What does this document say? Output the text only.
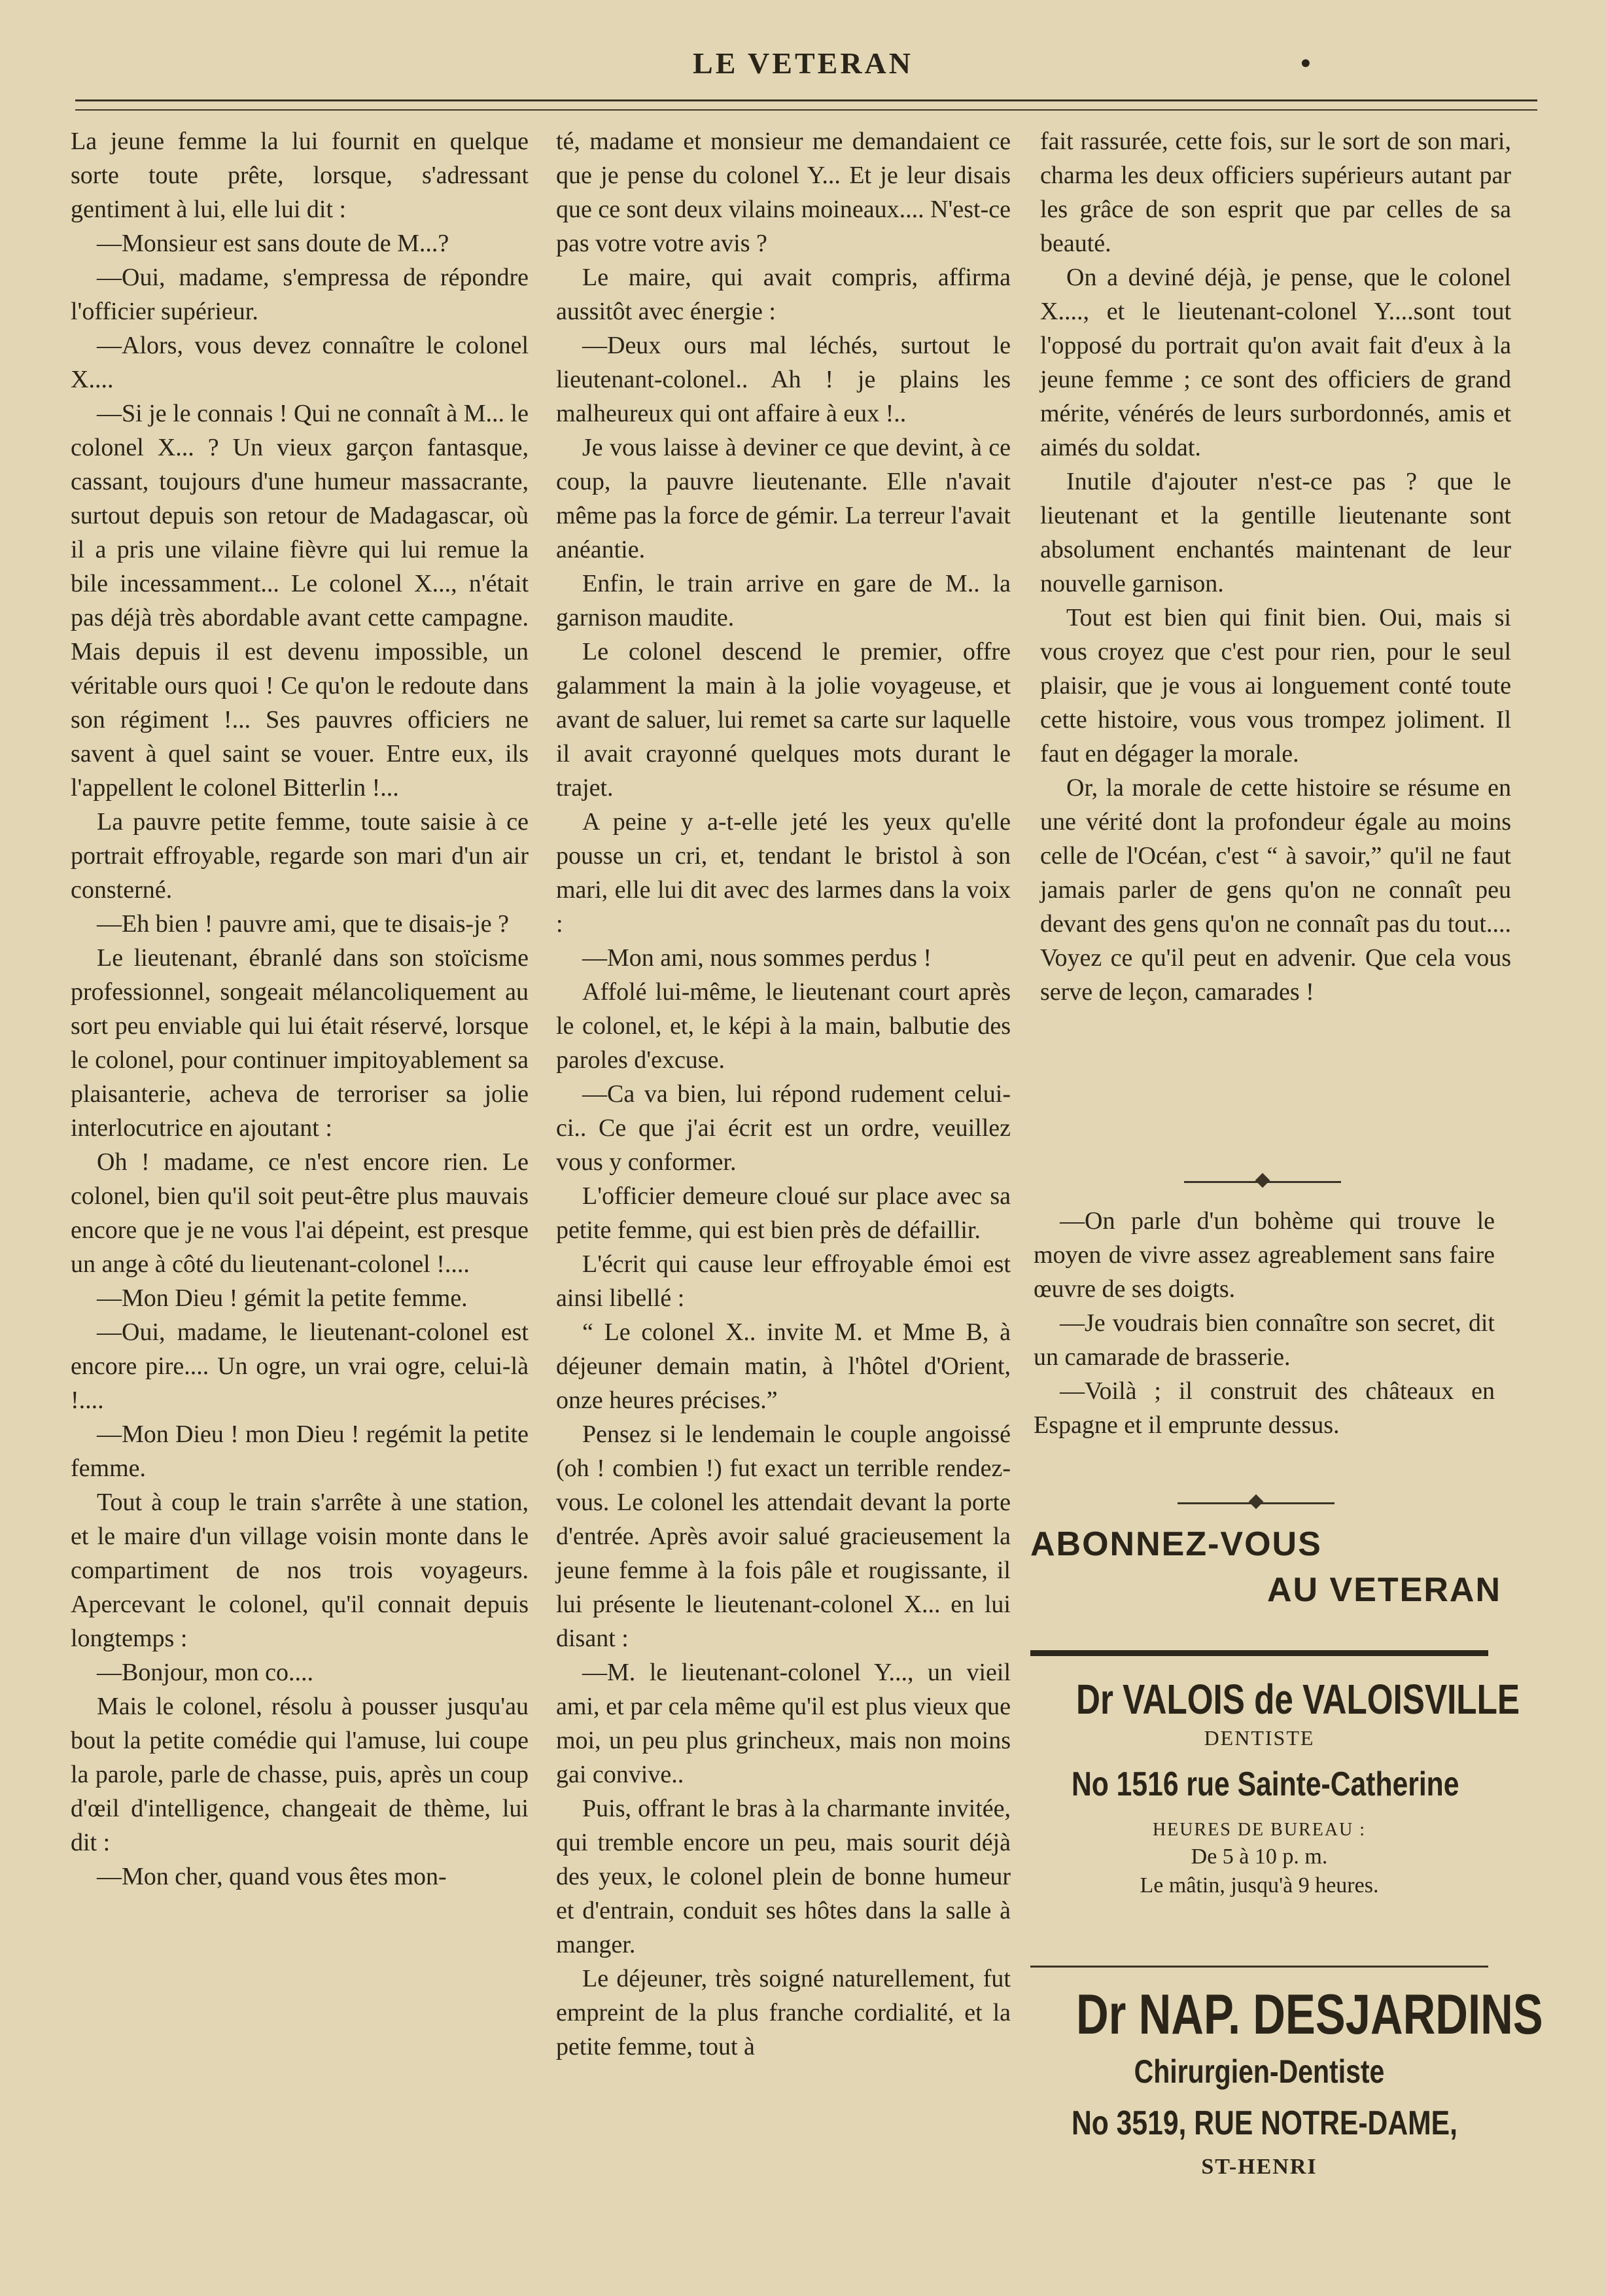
LE VETERAN	•

La jeune femme la lui fournit en quelque sorte toute prête, lorsque, s'adressant gentiment à lui, elle lui dit :

—Monsieur est sans doute de M...?

—Oui, madame, s'empressa de répondre l'officier supérieur.

—Alors, vous devez connaître le colonel X....

—Si je le connais ! Qui ne connaît à M... le colonel X... ? Un vieux garçon fantasque, cassant, toujours d'une humeur massacrante, surtout depuis son retour de Madagascar, où il a pris une vilaine fièvre qui lui remue la bile incessamment... Le colonel X..., n'était pas déjà très abordable avant cette campagne. Mais depuis il est devenu impossible, un véritable ours quoi ! Ce qu'on le redoute dans son régiment !... Ses pauvres officiers ne savent à quel saint se vouer. Entre eux, ils l'appellent le colonel Bitterlin !...

La pauvre petite femme, toute saisie à ce portrait effroyable, regarde son mari d'un air consterné.

—Eh bien ! pauvre ami, que te disais-je ?

Le lieutenant, ébranlé dans son stoïcisme professionnel, songeait mélancoliquement au sort peu enviable qui lui était réservé, lorsque le colonel, pour continuer impitoyablement sa plaisanterie, acheva de terroriser sa jolie interlocutrice en ajoutant :

Oh ! madame, ce n'est encore rien. Le colonel, bien qu'il soit peut-être plus mauvais encore que je ne vous l'ai dépeint, est presque un ange à côté du lieutenant-colonel !....

—Mon Dieu ! gémit la petite femme.

—Oui, madame, le lieutenant-colonel est encore pire.... Un ogre, un vrai ogre, celui-là !....

—Mon Dieu ! mon Dieu ! regémit la petite femme.

Tout à coup le train s'arrête à une station, et le maire d'un village voisin monte dans le compartiment de nos trois voyageurs. Apercevant le colonel, qu'il connait depuis longtemps :

—Bonjour, mon co....

Mais le colonel, résolu à pousser jusqu'au bout la petite comédie qui l'amuse, lui coupe la parole, parle de chasse, puis, après un coup d'œil d'intelligence, changeait de thème, lui dit :

—Mon cher, quand vous êtes mon-

té, madame et monsieur me demandaient ce que je pense du colonel Y... Et je leur disais que ce sont deux vilains moineaux.... N'est-ce pas votre votre avis ?

Le maire, qui avait compris, affirma aussitôt avec énergie :

—Deux ours mal léchés, surtout le lieutenant-colonel.. Ah ! je plains les malheureux qui ont affaire à eux !..

Je vous laisse à deviner ce que devint, à ce coup, la pauvre lieutenante. Elle n'avait même pas la force de gémir. La terreur l'avait anéantie.

Enfin, le train arrive en gare de M.. la garnison maudite.

Le colonel descend le premier, offre galamment la main à la jolie voyageuse, et avant de saluer, lui remet sa carte sur laquelle il avait crayonné quelques mots durant le trajet.

A peine y a-t-elle jeté les yeux qu'elle pousse un cri, et, tendant le bristol à son mari, elle lui dit avec des larmes dans la voix :

—Mon ami, nous sommes perdus !

Affolé lui-même, le lieutenant court après le colonel, et, le képi à la main, balbutie des paroles d'excuse.

—Ca va bien, lui répond rudement celui-ci.. Ce que j'ai écrit est un ordre, veuillez vous y conformer.

L'officier demeure cloué sur place avec sa petite femme, qui est bien près de défaillir.

L'écrit qui cause leur effroyable émoi est ainsi libellé :

“ Le colonel X.. invite M. et Mme B, à déjeuner demain matin, à l'hôtel d'Orient, onze heures précises.”

Pensez si le lendemain le couple angoissé (oh ! combien !) fut exact un terrible rendez-vous. Le colonel les attendait devant la porte d'entrée. Après avoir salué gracieusement la jeune femme à la fois pâle et rougissante, il lui présente le lieutenant-colonel X... en lui disant :

—M. le lieutenant-colonel Y..., un vieil ami, et par cela même qu'il est plus vieux que moi, un peu plus grincheux, mais non moins gai convive..

Puis, offrant le bras à la charmante invitée, qui tremble encore un peu, mais sourit déjà des yeux, le colonel plein de bonne humeur et d'entrain, conduit ses hôtes dans la salle à manger.

Le déjeuner, très soigné naturellement, fut empreint de la plus franche cordialité, et la petite femme, tout à

fait rassurée, cette fois, sur le sort de son mari, charma les deux officiers supérieurs autant par les grâce de son esprit que par celles de sa beauté.

On a deviné déjà, je pense, que le colonel X...., et le lieutenant-colonel Y....sont tout l'opposé du portrait qu'on avait fait d'eux à la jeune femme ; ce sont des officiers de grand mérite, vénérés de leurs surbordonnés, amis et aimés du soldat.

Inutile d'ajouter n'est-ce pas ? que le lieutenant et la gentille lieutenante sont absolument enchantés maintenant de leur nouvelle garnison.

Tout est bien qui finit bien. Oui, mais si vous croyez que c'est pour rien, pour le seul plaisir, que je vous ai longuement conté toute cette histoire, vous vous trompez joliment. Il faut en dégager la morale.

Or, la morale de cette histoire se résume en une vérité dont la profondeur égale au moins celle de l'Océan, c'est “ à savoir,” qu'il ne faut jamais parler de gens qu'on ne connaît peu devant des gens qu'on ne connaît pas du tout.... Voyez ce qu'il peut en advenir. Que cela vous serve de leçon, camarades !

—On parle d'un bohème qui trouve le moyen de vivre assez agreablement sans faire œuvre de ses doigts.

—Je voudrais bien connaître son secret, dit un camarade de brasserie.

—Voilà ; il construit des châteaux en Espagne et il emprunte dessus.

ABONNEZ-VOUS
AU VETERAN
Dr VALOIS de VALOISVILLE
DENTISTE
No 1516 rue Sainte-Catherine
HEURES DE BUREAU :
De 5 à 10 p. m.
Le mâtin, jusqu'à 9 heures.
Dr NAP. DESJARDINS
Chirurgien-Dentiste
No 3519, RUE NOTRE-DAME,
ST-HENRI
